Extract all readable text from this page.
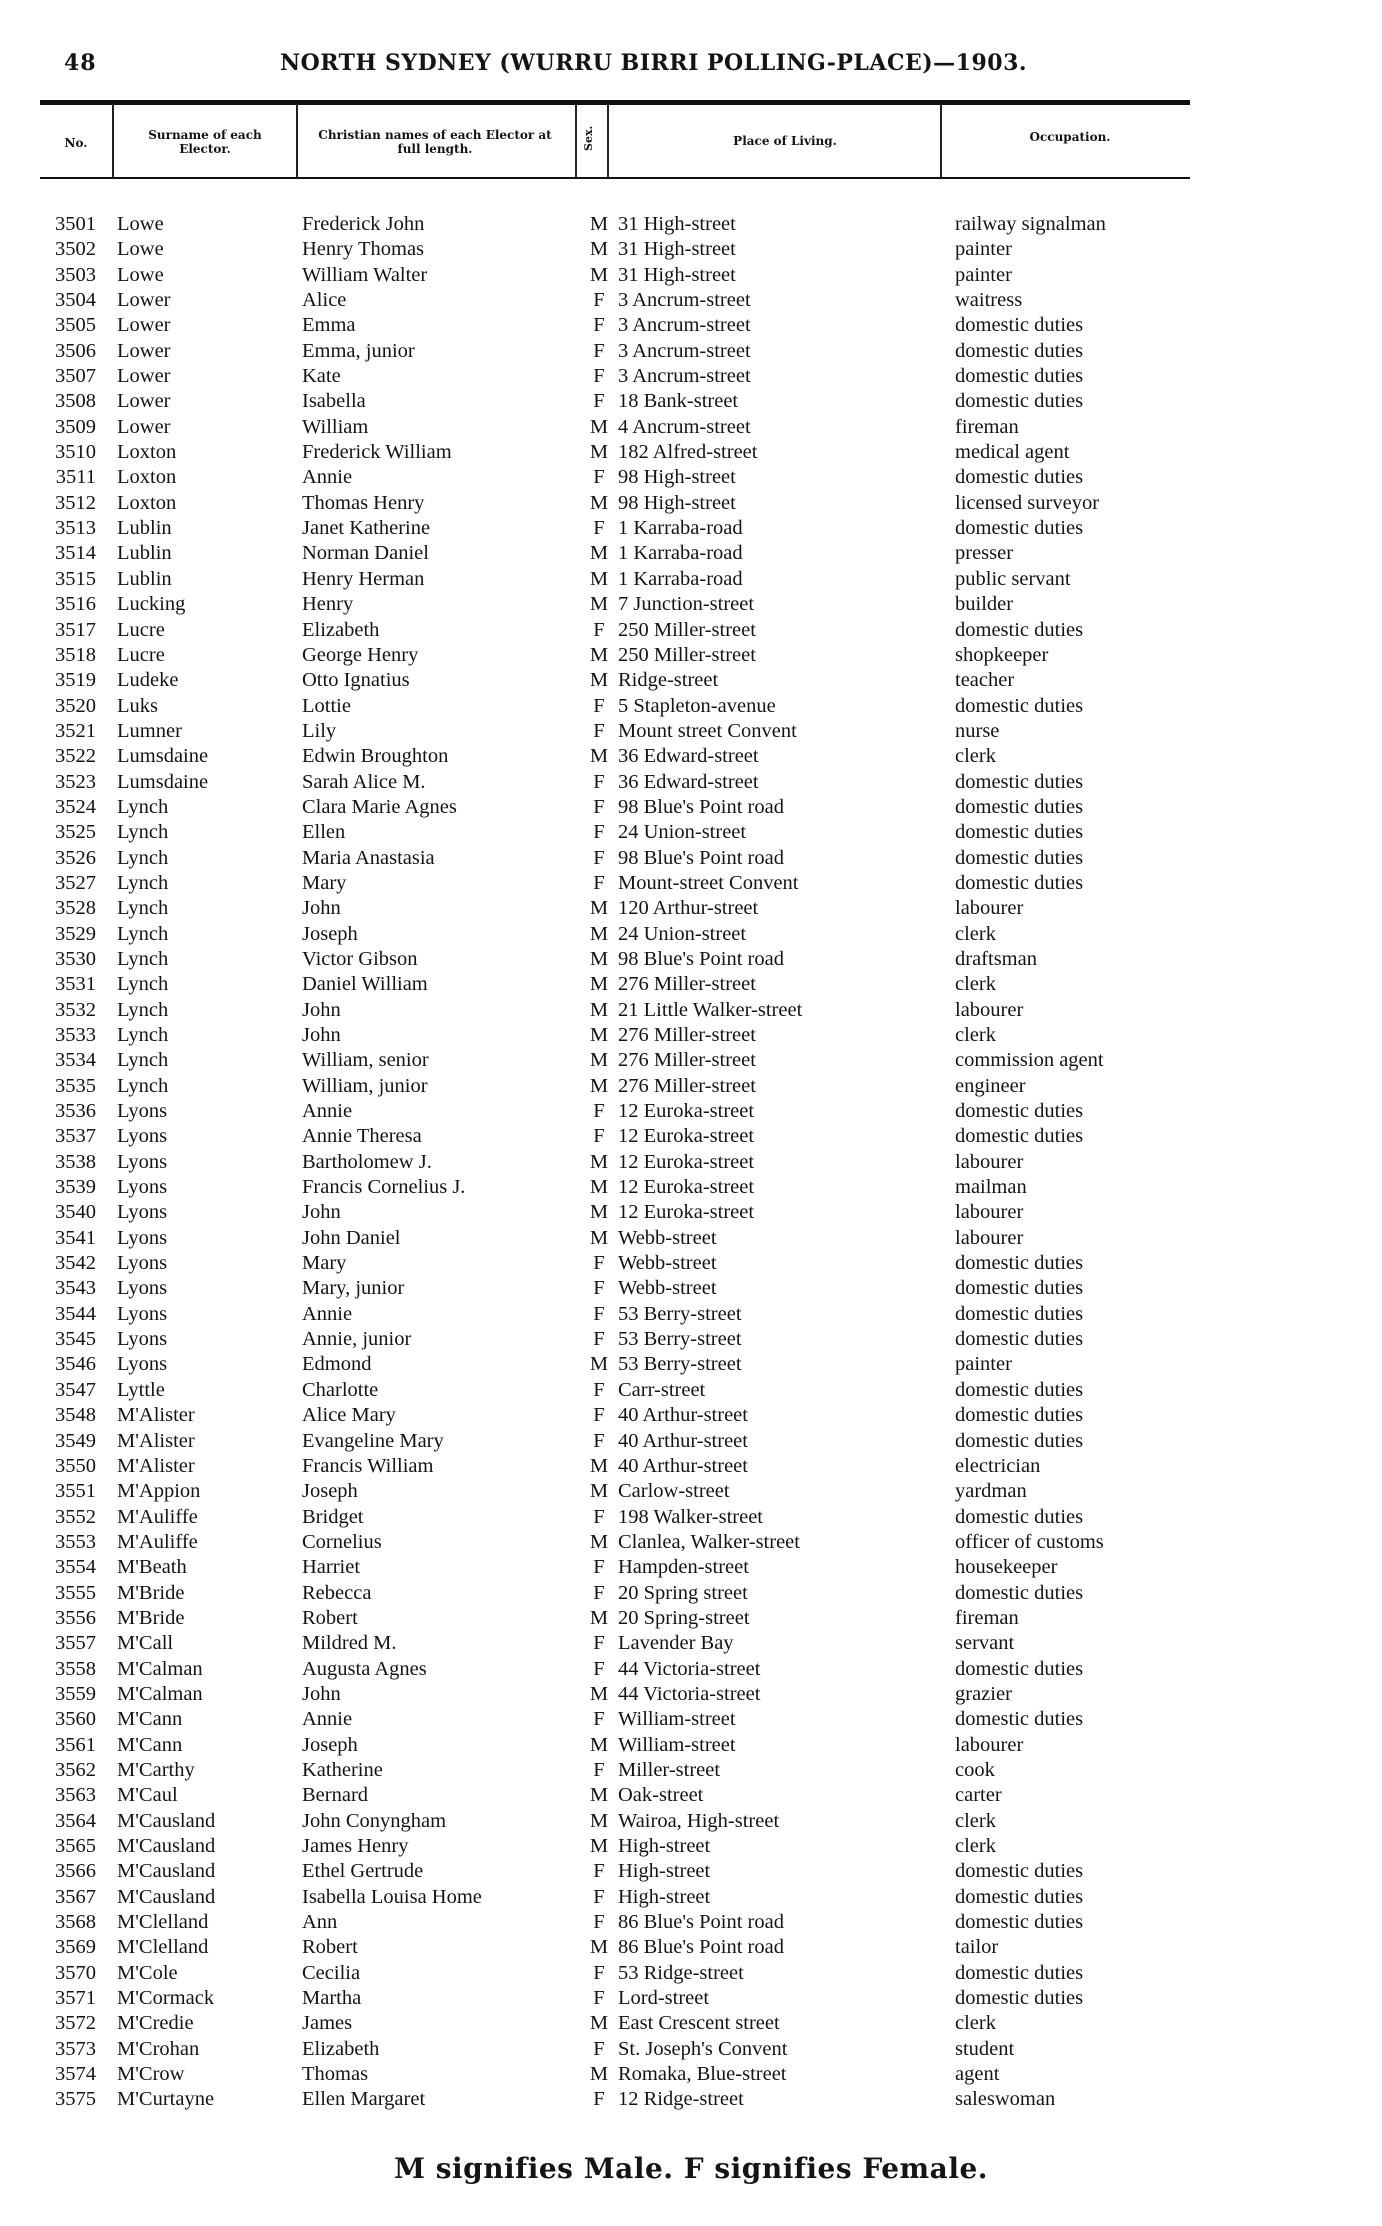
48	NORTH SYDNEY (WURRU BIRRI POLLING-PLACE)—1903.
No.
Surname of each Elector.
Christian names of each Elector at full length.	Sex.	Place of Living.	Occupation.
3501 Lowe	Frederick John	M 31 High-street	railway signalman
3502 Lowe	Henry Thomas	M 31 High-street	painter
3503 Lowe	William Walter	M 31 High-street	painter
3504 Lower	Alice	F 3 Ancrum-street	waitress
3505 Lower	Emma	F 3 Ancrum-street	domestic duties
3506 Lower	Emma, junior	F 3 Ancrum-street	domestic duties
3507 Lower	Kate	F 3 Ancrum-street	domestic duties
3508 Lower	Isabella	F 18 Bank-street	domestic duties
3509 Lower	William	M 4 Ancrum-street	fireman
3510 Loxton	Frederick William	M 182 Alfred-street	medical agent
3511 Loxton	Annie	F 98 High-street	domestic duties
3512 Loxton	Thomas Henry	M 98 High-street	licensed surveyor
3513 Lublin	Janet Katherine	F 1 Karraba-road	domestic duties
3514 Lublin	Norman Daniel	M 1 Karraba-road	presser
3515 Lublin	Henry Herman	M 1 Karraba-road	public servant
3516 Lucking	Henry	M 7 Junction-street	builder
3517 Lucre	Elizabeth	F 250 Miller-street	domestic duties
3518 Lucre	George Henry	M 250 Miller-street	shopkeeper
3519 Ludeke	Otto Ignatius	M Ridge-street	teacher
3520 Luks	Lottie	F 5 Stapleton-avenue	domestic duties
3521 Lumner	Lily	F Mount street Convent	nurse
3522 Lumsdaine	Edwin Broughton	M 36 Edward-street	clerk
3523 Lumsdaine	Sarah Alice M.	F 36 Edward-street	domestic duties
3524 Lynch	Clara Marie Agnes	F 98 Blue's Point road	domestic duties
3525 Lynch	Ellen	F 24 Union-street	domestic duties
3526 Lynch	Maria Anastasia	F 98 Blue's Point road	domestic duties
3527 Lynch	Mary	F Mount-street Convent	domestic duties
3528 Lynch	John	M 120 Arthur-street	labourer
3529 Lynch	Joseph	M 24 Union-street	clerk
3530 Lynch	Victor Gibson	M 98 Blue's Point road	draftsman
3531 Lynch	Daniel William	M 276 Miller-street	clerk
3532 Lynch	John	M 21 Little Walker-street	labourer
3533 Lynch	John	M 276 Miller-street	clerk
3534 Lynch	William, senior	M 276 Miller-street	commission agent
3535 Lynch	William, junior	M 276 Miller-street	engineer
3536 Lyons	Annie	F 12 Euroka-street	domestic duties
3537 Lyons	Annie Theresa	F 12 Euroka-street	domestic duties
3538 Lyons	Bartholomew J.	M 12 Euroka-street	labourer
3539 Lyons	Francis Cornelius J.	M 12 Euroka-street	mailman
3540 Lyons	John	M 12 Euroka-street	labourer
3541 Lyons	John Daniel	M Webb-street	labourer
3542 Lyons	Mary	F Webb-street	domestic duties
3543 Lyons	Mary, junior	F Webb-street	domestic duties
3544 Lyons	Annie	F 53 Berry-street	domestic duties
3545 Lyons	Annie, junior	F 53 Berry-street	domestic duties
3546 Lyons	Edmond	M 53 Berry-street	painter
3547 Lyttle	Charlotte	F Carr-street	domestic duties
3548 M'Alister	Alice Mary	F 40 Arthur-street	domestic duties
3549 M'Alister	Evangeline Mary	F 40 Arthur-street	domestic duties
3550 M'Alister	Francis William	M 40 Arthur-street	electrician
3551 M'Appion	Joseph	M Carlow-street	yardman
3552 M'Auliffe	Bridget	F 198 Walker-street	domestic duties
3553 M'Auliffe	Cornelius	M Clanlea, Walker-street	officer of customs
3554 M'Beath	Harriet	F Hampden-street	housekeeper
3555 M'Bride	Rebecca	F 20 Spring street	domestic duties
3556 M'Bride	Robert	M 20 Spring-street	fireman
3557 M'Call	Mildred M.	F Lavender Bay	servant
3558 M'Calman	Augusta Agnes	F 44 Victoria-street	domestic duties
3559 M'Calman	John	M 44 Victoria-street	grazier
3560 M'Cann	Annie	F William-street	domestic duties
3561 M'Cann	Joseph	M William-street	labourer
3562 M'Carthy	Katherine	F Miller-street	cook
3563 M'Caul	Bernard	M Oak-street	carter
3564 M'Causland	John Conyngham	M Wairoa, High-street	clerk
3565 M'Causland	James Henry	M High-street	clerk
3566 M'Causland	Ethel Gertrude	F High-street	domestic duties
3567 M'Causland	Isabella Louisa Home	F High-street	domestic duties
3568 M'Clelland	Ann	F 86 Blue's Point road	domestic duties
3569 M'Clelland	Robert	M 86 Blue's Point road	tailor
3570 M'Cole	Cecilia	F 53 Ridge-street	domestic duties
3571 M'Cormack	Martha	F Lord-street	domestic duties
3572 M'Credie	James	M East Crescent street	clerk
3573 M'Crohan	Elizabeth	F St. Joseph's Convent	student
3574 M'Crow	Thomas	M Romaka, Blue-street	agent
3575 M'Curtayne	Ellen Margaret	F 12 Ridge-street	saleswoman
M signifies Male. F signifies Female.
